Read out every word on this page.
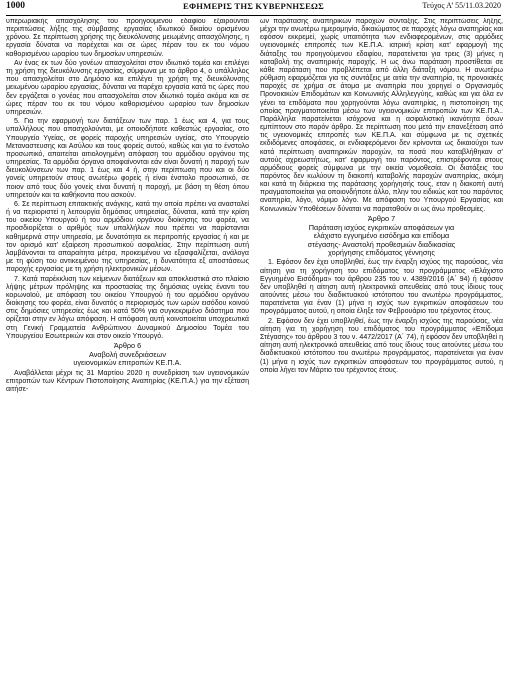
1000	ΕΦΗΜΕΡΙΣ ΤΗΣ ΚΥΒΕΡΝΗΣΕΩΣ	Τεύχος Α’ 55/11.03.2020

υπερωριακής απασχόλησης του προηγούμενου εδαφίου εξαιρούνται περιπτώσεις λήξης της σύμβασης εργασίας ιδιωτικού δικαίου ορισμένου χρόνου. Σε περίπτωση χρήσης της διευκόλυνσης μειωμένης απασχόλησης, η εργασία δύναται να παρέχεται και σε ώρες πέραν του εκ του νόμου καθορισμένου ωραρίου των δημοσίων υπηρεσιών.

Αν ένας εκ των δύο γονέων απασχολείται στον ιδιωτικό τομέα και επιλέγει τη χρήση της διευκόλυνσης εργασίας, σύμφωνα με το άρθρο 4, ο υπάλληλος που απασχολείται στο Δημόσιο και επιλέγει τη χρήση της διευκόλυνσης μειωμένου ωραρίου εργασίας, δύναται να παρέχει εργασία κατά τις ώρες που δεν εργάζεται ο γονέας που απασχολείται στον ιδιωτικό τομέα ακόμα και σε ώρες πέραν του εκ του νόμου καθορισμένου ωραρίου των δημοσίων υπηρεσιών.

5. Για την εφαρμογή των διατάξεων των παρ. 1 έως και 4, για τους υπαλλήλους που απασχολούνται, με οποιοδήποτε καθεστώς εργασίας, στο Υπουργείο Υγείας, σε φορείς παροχής υπηρεσιών υγείας, στο Υπουργείο Μεταναστευσης και Ασύλου και τους φορείς αυτού, καθώς και για το ένστολο προσωπικό, απαιτείται αιτιολογημένη απόφαση του αρμόδιου οργάνου της υπηρεσίας. Τα αρμόδια όργανα αποφαίνονται εάν είναι δυνατή η παροχή των διευκολύνσεων των παρ. 1 έως και 4 ή, στην περίπτωση που και οι δύο γονείς υπηρετούν στους ανωτέρω φορείς ή είναι ένστολο προσωπικό, σε ποιον από τους δύο γονείς είναι δυνατή η παροχή, με βάση τη θέση όπου υπηρετούν και τα καθήκοντα που ασκούν.

6. Σε περίπτωση επιτακτικής ανάγκης, κατά την οποία πρέπει να ανασταλεί ή να περιοριστεί η λειτουργία δημόσιας υπηρεσίας, δύναται, κατά την κρίση του οικείου Υπουργού ή του αρμόδιου οργάνου διοίκησης του φορέα, να προσδιορίζεται ο αριθμός των υπαλλήλων που πρέπει να παρίστανται καθημερινά στην υπηρεσία, με δυνατότητα εκ περιτροπής εργασίας ή και με τον ορισμό κατ’ εξαίρεση προσωπικού ασφαλείας. Στην περίπτωση αυτή λαμβάνονται τα απαραίτητα μέτρα, προκειμένου να εξασφαλίζεται, ανάλογα με τη φύση του αντικειμένου της υπηρεσίας, η δυνατότητα εξ αποστάσεως παροχής εργασίας με τη χρήση ηλεκτρονικών μέσων.

7. Κατά παρέκκλιση των κείμενων διατάξεων και αποκλειστικά στο πλαίσιο λήψης μέτρων πρόληψης και προστασίας της δημόσιας υγείας έναντι του κορωνοϊού, με απόφαση του οικείου Υπουργού ή του αρμόδιου οργάνου διοίκησης του φορέα, είναι δυνατός ο περιορισμός των ωρών εισόδου κοινού στις δημόσιες υπηρεσίες έως και κατά 50% για συγκεκριμένο διάστημα που ορίζεται στην εν λόγω απόφαση. Η απόφαση αυτή κοινοποιείται υποχρεωτικά στη Γενική Γραμματεία Ανθρώπινου Δυναμικού Δημοσίου Τομέα του Υπουργείου Εσωτερικών και στον οικείο Υπουργό.

Άρθρο 6
Αναβολή συνεδριάσεων
υγειονομικών επιτροπών ΚΕ.Π.Α.

Αναβάλλεται μέχρι τις 31 Μαρτίου 2020 η συνεδρίαση των υγειονομικών επιτροπών των Κέντρων Πιστοποίησης Αναπηρίας (ΚΕ.Π.Α.) για την εξέταση αιτήσε-

ων παράτασης αναπηρικών παροχών σύνταξης. Στις περιπτώσεις λήξης, μέχρι την ανωτέρω ημερομηνία, δικαιώματος σε παροχές λόγω αναπηρίας και εφόσον εκκρεμεί, χωρίς υπαιτιότητα των ενδιαφερομένων, στις αρμόδιες υγειονομικές επιτροπές των ΚΕ.Π.Α. ιατρική κρίση κατ’ εφαρμογή της διάταξης του προηγούμενου εδαφίου, παρατείνεται για τρεις (3) μήνες η καταβολή της αναπηρικής παροχής. Η ως άνω παράταση προστίθεται σε κάθε παράταση που προβλέπεται από άλλη διάταξη νόμου. Η ανωτέρω ρύθμιση εφαρμόζεται για τις συντάξεις με αιτία την αναπηρία, τις προνοιακές παροχές σε χρήμα σε άτομα με αναπηρία που χορηγεί ο Οργανισμός Προνοιακών Επιδομάτων και Κοινωνικής Αλληλεγγύης, καθώς και για όλα εν γένει τα επιδόματα που χορηγούνται λόγω αναπηρίας, η πιστοποίηση της οποίας πραγματοποιείται μέσω των υγειονομικών επιτροπών των ΚΕ.Π.Α.. Παράλληλα παρατείνεται ισόχρονα και η ασφαλιστική ικανότητα όσων εμπίπτουν στο παρόν άρθρο. Σε περίπτωση που μετά την επανεξέταση από τις υγειονομικές επιτροπές των ΚΕ.Π.Α. και σύμφωνα με τις σχετικές εκδιδόμενες αποφάσεις, οι ενδιαφερόμενοι δεν κρίνονται ως δικαιούχοι των κατά περίπτωση αναπηρικών παροχών, τα ποσά που καταβλήθηκαν σ’ αυτούς αχρεωστήτως, κατ’ εφαρμογή του παρόντος, επιστρέφονται στους αρμόδιους φορείς σύμφωνα με την οικεία νομοθεσία. Οι διατάξεις του παρόντος δεν κωλύουν τη διακοπή καταβολής παροχών αναπηρίας, ακόμη και κατά τη διάρκεια της παράτασης χορήγησής τους, εταν η διακοπή αυτή πραγματοποιείται για οποιονδήποτε άλλο, πλην του ειδικώς κατ του παρόντος αναπηρία, λόγο, νόμιμο λόγο. Με απόφαση του Υπουργού Εργασίας και Κοινωνικών Υποθέσεων δύναται να παραταθούν οι ως άνω προθεσμίες.

Άρθρο 7
Παράταση ισχύος εγκριτικών αποφάσεων για
ελάχιστο εγγυημένο εισόδημα και επίδομα
στέγασης- Αναστολή προθεσμιών διαδικασίας
χορήγησης επιδόματος γέννησης

1. Εφόσον δεν έχει υποβληθεί, έως την έναρξη ισχύος της παρούσας, νέα αίτηση για τη χορήγηση του επιδόματος του προγράμματος «Ελάχιστο Εγγυημένο Εισόδημα» του άρθρου 235 του ν. 4389/2016 (Α΄ 94) ή εφόσον δεν υποβληθεί η αίτηση αυτή ηλεκτρονικά απευθείας από τους ίδιους τους αιτούντες μέσω του διαδικτυακού ιστότοπου του ανωτέρω προγράμματος, παρατείνεται για έναν (1) μήνα η ισχύς των εγκριτικών αποφάσεων του προγράμματος αυτού, η οποία έληξε τον Φεβρουάριο του τρέχοντος έτους.

2. Εφόσον δεν έχει υποβληθεί, έως την έναρξη ισχύος της παρούσας, νέα αίτηση για τη χορήγηση του επιδόματος του προγράμματος «Επίδομα Στέγασης» του άρθρου 3 του ν. 4472/2017 (Α΄ 74), ή εφόσον δεν υποβληθεί η αίτηση αυτή ηλεκτρονικά απευθείας από τους ίδιους τους αιτούντες μέσω του διαδικτυακού ιστότοπου του ανωτέρω προγράμματος, παρατείνεται για έναν (1) μήνα η ισχύς των εγκριτικών αποφάσεων του προγράμματος αυτού, η οποία λήγει τον Μάρτιο του τρέχοντος έτους.
